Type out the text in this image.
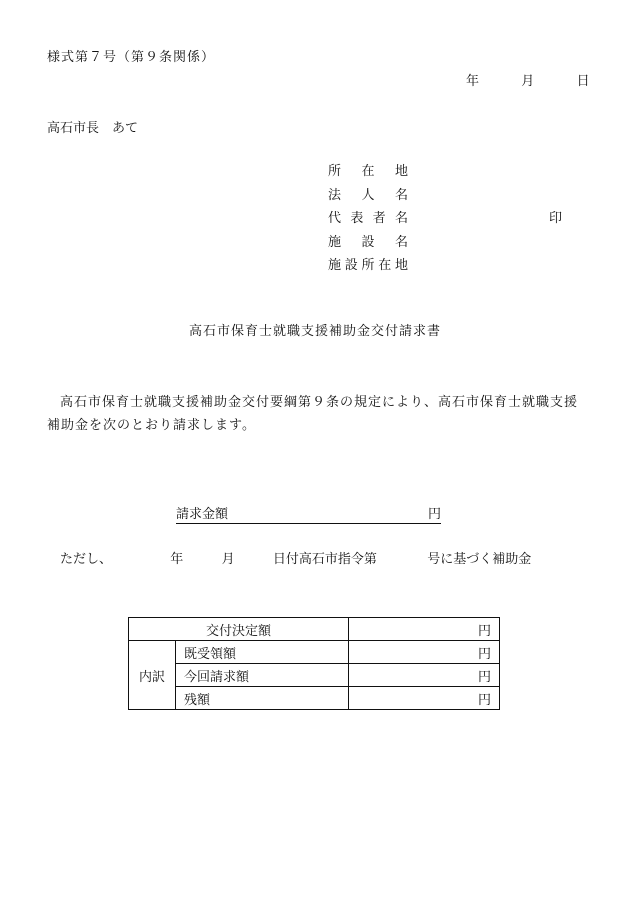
様式第７号（第９条関係）
年	月	日
高石市長　あて
所在地
法人名
代表者名	印
施設名
施設所在地
高石市保育士就職支援補助金交付請求書
高石市保育士就職支援補助金交付要綱第９条の規定により、高石市保育士就職支援補助金を次のとおり請求します。
請求金額	円
ただし、	年	月	日付高石市指令第	号に基づく補助金
交付決定額		円
内訳	既受領額	円
	今回請求額	円
	残額	円
